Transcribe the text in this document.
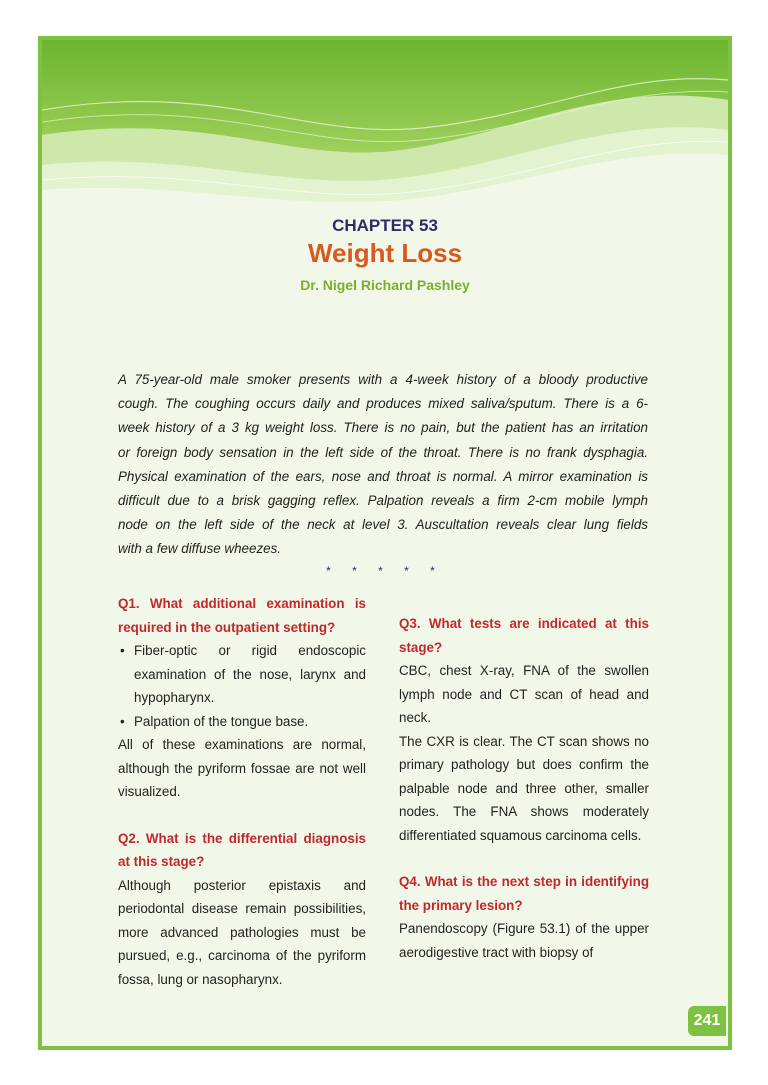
CHAPTER 53
Weight Loss
Dr. Nigel Richard Pashley
A 75-year-old male smoker presents with a 4-week history of a bloody productive
cough. The coughing occurs daily and produces mixed saliva/sputum. There is a 6-
week history of a 3 kg weight loss. There is no pain, but the patient has an irritation
or foreign body sensation in the left side of the throat. There is no frank dysphagia.
Physical examination of the ears, nose and throat is normal. A mirror examination is
difficult due to a brisk gagging reflex. Palpation reveals a firm 2-cm mobile lymph
node on the left side of the neck at level 3. Auscultation reveals clear lung fields
with a few diffuse wheezes.
* * * * *
Q1. What additional examination is required in the outpatient setting?
• Fiber-optic or rigid endoscopic examination of the nose, larynx and hypopharynx.
• Palpation of the tongue base.

All of these examinations are normal, although the pyriform fossae are not well visualized.

Q2. What is the differential diagnosis at this stage?

Although posterior epistaxis and periodontal disease remain possibilities, more advanced pathologies must be pursued, e.g., carcinoma of the pyriform fossa, lung or nasopharynx.

Q3. What tests are indicated at this stage?

CBC, chest X-ray, FNA of the swollen lymph node and CT scan of head and neck.

The CXR is clear. The CT scan shows no primary pathology but does confirm the palpable node and three other, smaller nodes. The FNA shows moderately differentiated squamous carcinoma cells.

Q4. What is the next step in identifying the primary lesion?

Panendoscopy (Figure 53.1) of the upper aerodigestive tract with biopsy of

241
